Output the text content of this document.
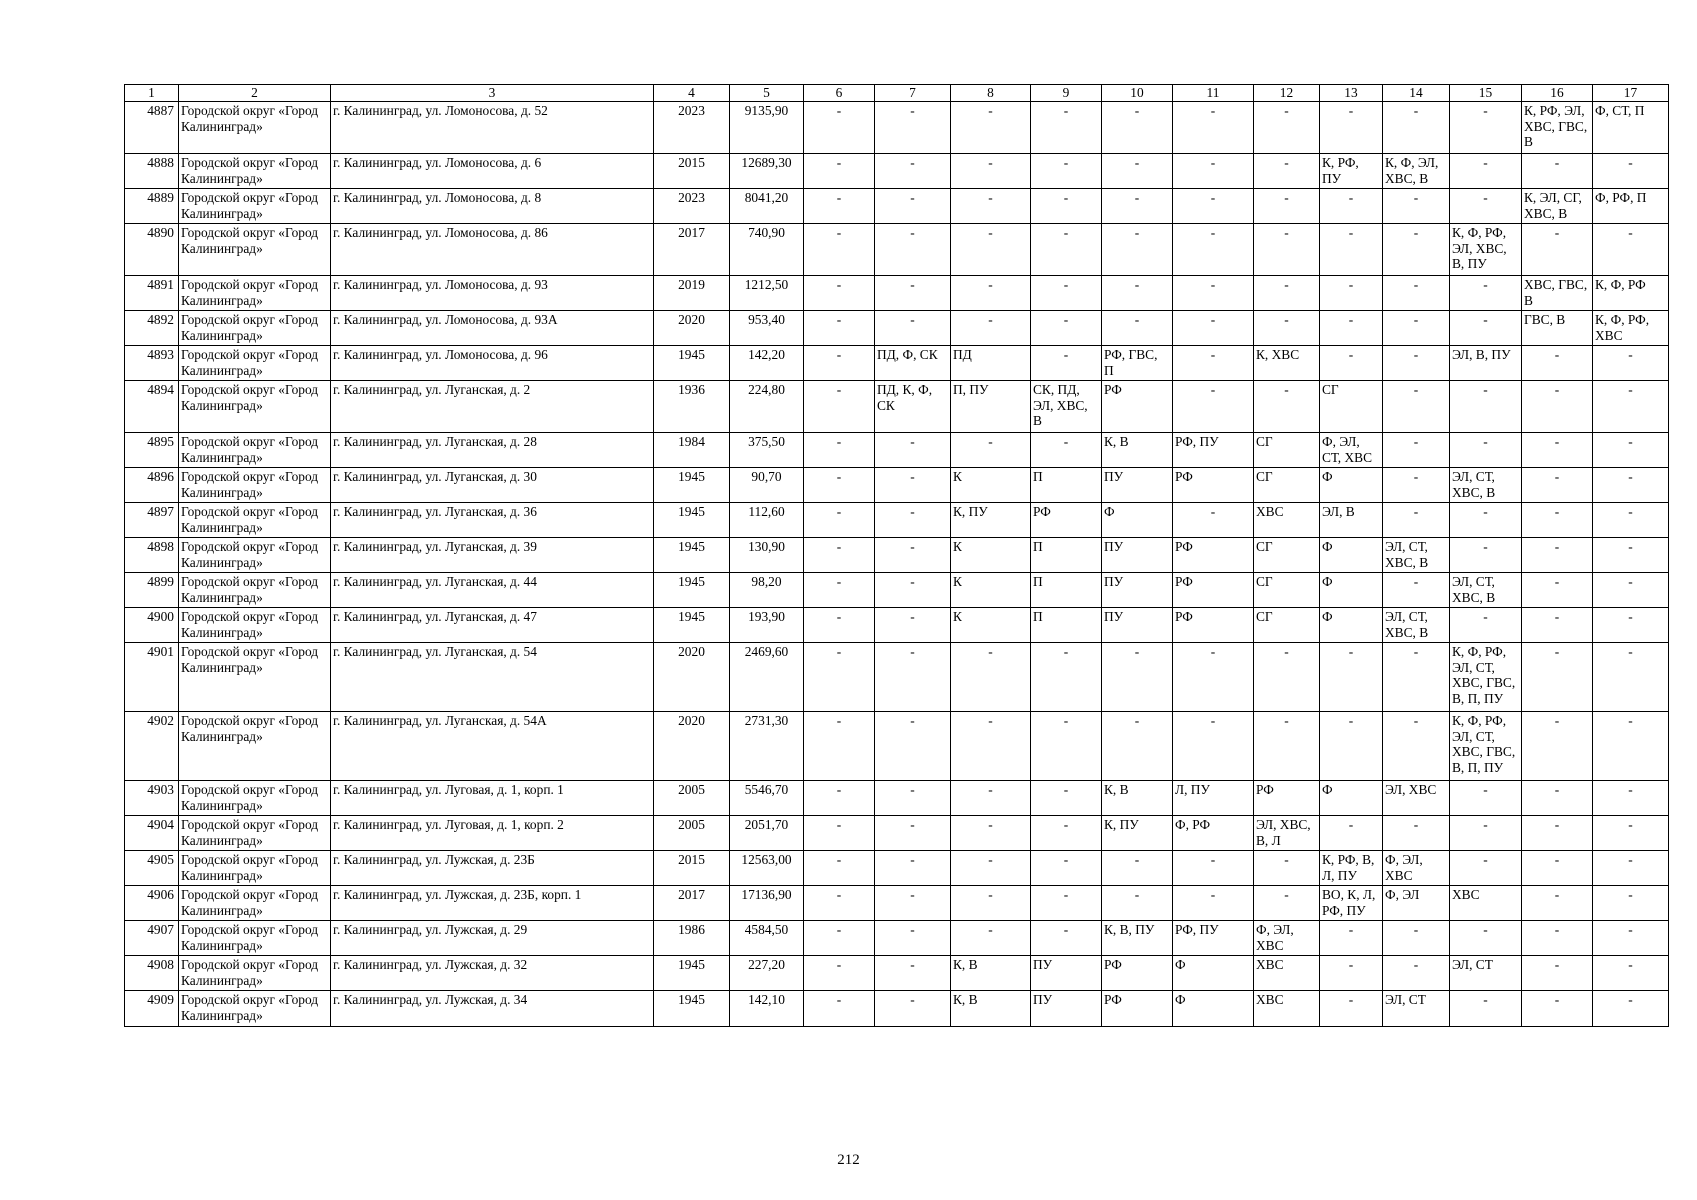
1	2	3	4	5	6	7	8	9	10	11	12	13	14	15	16	17
4887	Городской округ «Город Калининград»	г. Калининград, ул. Ломоносова, д. 52	2023	9135,90	-	-	-	-	-	-	-	-	-	-	К, РФ, ЭЛ, ХВС, ГВС, В	Ф, СТ, П
4888	Городской округ «Город Калининград»	г. Калининград, ул. Ломоносова, д. 6	2015	12689,30	-	-	-	-	-	-	-	К, РФ, ПУ	К, Ф, ЭЛ, ХВС, В	-	-	-
4889	Городской округ «Город Калининград»	г. Калининград, ул. Ломоносова, д. 8	2023	8041,20	-	-	-	-	-	-	-	-	-	-	К, ЭЛ, СГ, ХВС, В	Ф, РФ, П
4890	Городской округ «Город Калининград»	г. Калининград, ул. Ломоносова, д. 86	2017	740,90	-	-	-	-	-	-	-	-	-	К, Ф, РФ, ЭЛ, ХВС, В, ПУ	-	-
4891	Городской округ «Город Калининград»	г. Калининград, ул. Ломоносова, д. 93	2019	1212,50	-	-	-	-	-	-	-	-	-	-	ХВС, ГВС, В	К, Ф, РФ
4892	Городской округ «Город Калининград»	г. Калининград, ул. Ломоносова, д. 93А	2020	953,40	-	-	-	-	-	-	-	-	-	-	ГВС, В	К, Ф, РФ, ХВС
4893	Городской округ «Город Калининград»	г. Калининград, ул. Ломоносова, д. 96	1945	142,20	-	ПД, Ф, СК	ПД	-	РФ, ГВС, П	-	К, ХВС	-	-	ЭЛ, В, ПУ	-	-
4894	Городской округ «Город Калининград»	г. Калининград, ул. Луганская, д. 2	1936	224,80	-	ПД, К, Ф, СК	П, ПУ	СК, ПД, ЭЛ, ХВС, В	РФ	-	-	СГ	-	-	-	-
4895	Городской округ «Город Калининград»	г. Калининград, ул. Луганская, д. 28	1984	375,50	-	-	-	-	К, В	РФ, ПУ	СГ	Ф, ЭЛ, СТ, ХВС	-	-	-	-
4896	Городской округ «Город Калининград»	г. Калининград, ул. Луганская, д. 30	1945	90,70	-	-	К	П	ПУ	РФ	СГ	Ф	-	ЭЛ, СТ, ХВС, В	-	-
4897	Городской округ «Город Калининград»	г. Калининград, ул. Луганская, д. 36	1945	112,60	-	-	К, ПУ	РФ	Ф	-	ХВС	ЭЛ, В	-	-	-	-
4898	Городской округ «Город Калининград»	г. Калининград, ул. Луганская, д. 39	1945	130,90	-	-	К	П	ПУ	РФ	СГ	Ф	ЭЛ, СТ, ХВС, В	-	-	-
4899	Городской округ «Город Калининград»	г. Калининград, ул. Луганская, д. 44	1945	98,20	-	-	К	П	ПУ	РФ	СГ	Ф	-	ЭЛ, СТ, ХВС, В	-	-
4900	Городской округ «Город Калининград»	г. Калининград, ул. Луганская, д. 47	1945	193,90	-	-	К	П	ПУ	РФ	СГ	Ф	ЭЛ, СТ, ХВС, В	-	-	-
4901	Городской округ «Город Калининград»	г. Калининград, ул. Луганская, д. 54	2020	2469,60	-	-	-	-	-	-	-	-	-	К, Ф, РФ, ЭЛ, СТ, ХВС, ГВС, В, П, ПУ	-	-
4902	Городской округ «Город Калининград»	г. Калининград, ул. Луганская, д. 54А	2020	2731,30	-	-	-	-	-	-	-	-	-	К, Ф, РФ, ЭЛ, СТ, ХВС, ГВС, В, П, ПУ	-	-
4903	Городской округ «Город Калининград»	г. Калининград, ул. Луговая, д. 1, корп. 1	2005	5546,70	-	-	-	-	К, В	Л, ПУ	РФ	Ф	ЭЛ, ХВС	-	-	-
4904	Городской округ «Город Калининград»	г. Калининград, ул. Луговая, д. 1, корп. 2	2005	2051,70	-	-	-	-	К, ПУ	Ф, РФ	ЭЛ, ХВС, В, Л	-	-	-	-	-
4905	Городской округ «Город Калининград»	г. Калининград, ул. Лужская, д. 23Б	2015	12563,00	-	-	-	-	-	-	-	К, РФ, В, Л, ПУ	Ф, ЭЛ, ХВС	-	-	-
4906	Городской округ «Город Калининград»	г. Калининград, ул. Лужская, д. 23Б, корп. 1	2017	17136,90	-	-	-	-	-	-	-	ВО, К, Л, РФ, ПУ	Ф, ЭЛ	ХВС	-	-
4907	Городской округ «Город Калининград»	г. Калининград, ул. Лужская, д. 29	1986	4584,50	-	-	-	-	К, В, ПУ	РФ, ПУ	Ф, ЭЛ, ХВС	-	-	-	-	-
4908	Городской округ «Город Калининград»	г. Калининград, ул. Лужская, д. 32	1945	227,20	-	-	К, В	ПУ	РФ	Ф	ХВС	-	-	ЭЛ, СТ	-	-
4909	Городской округ «Город Калининград»	г. Калининград, ул. Лужская, д. 34	1945	142,10	-	-	К, В	ПУ	РФ	Ф	ХВС	-	ЭЛ, СТ	-	-	-
212
